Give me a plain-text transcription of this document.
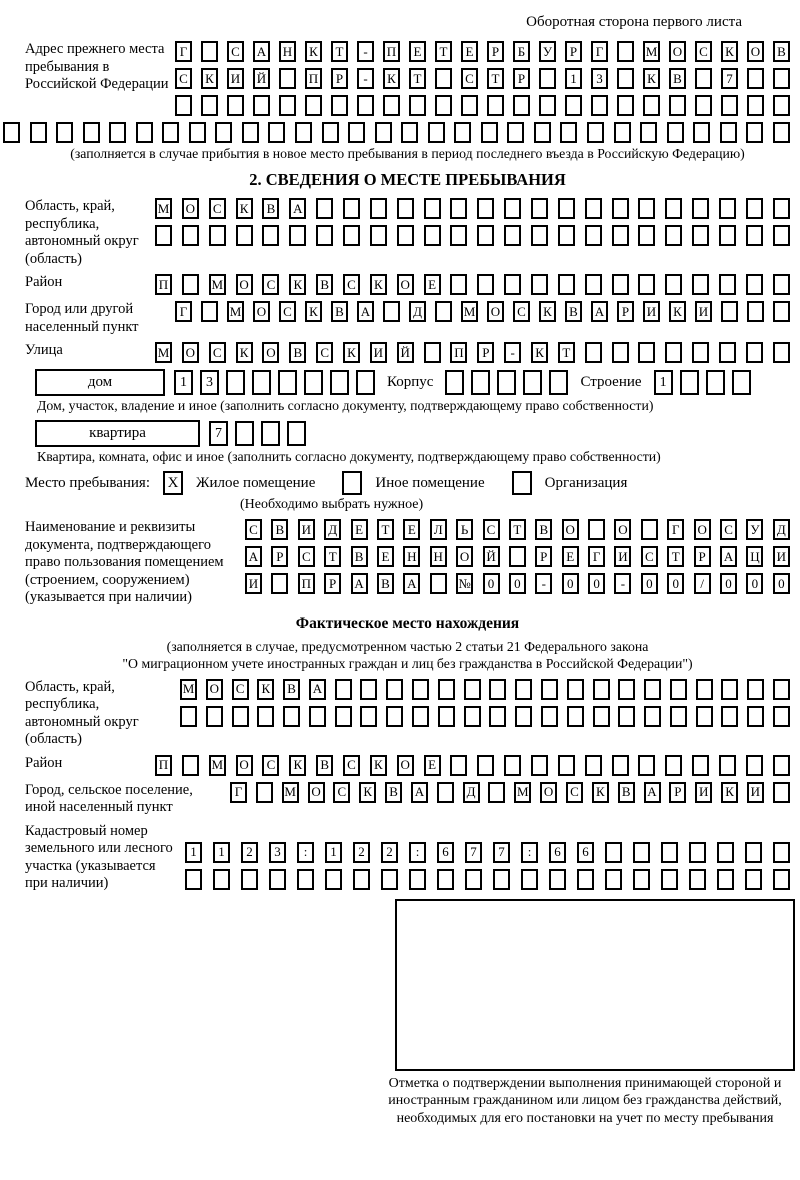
Оборотная сторона первого листа
Адрес прежнего места пребывания в Российской Федерации
Г	С	А Н	К	Т	-	П	Е	Т	Е	Р	Б	У	Р	Г	М О	С	К	О	В
С	К	И Й	П	Р	-	К	Т	С	Т	Р	1	3	К	В	7
(заполняется в случае прибытия в новое место пребывания в период последнего въезда в Российскую Федерацию)
2. СВЕДЕНИЯ О МЕСТЕ ПРЕБЫВАНИЯ
Область, край, республика, автономный округ (область)
М О	С	К	В	А
Район	П	М О	С	К	В	С	К	О	Е
Город или другой населенный пункт
Г	М О	С	К	В	А	Д	М О	С	К	В	А	Р	И	К	И
Улица	М О	С	К	О	В	С	К	И Й	П	Р	-	К	Т
дом	1	3	Корпус	Строение	1
Дом, участок, владение и иное (заполнить согласно документу, подтверждающему право собственности)
квартира	7
Квартира, комната, офис и иное (заполнить согласно документу, подтверждающему право собственности)
Место пребывания:	X	Жилое помещение	Иное помещение	Организация
(Необходимо выбрать нужное)
Наименование и реквизиты документа, подтверждающего право пользования помещением (строением, сооружением) (указывается при наличии)
С	В	И	Д	Е	Т	Е	Л	Ь	С	Т	В	О	О	Г	О	С	У	Д
А	Р	С	Т	В	Е	Н Н О Й	Р	Е	Г	И	С	Т	Р	А Ц И
И	П	Р	А	В	А	№	0	0	-	0	0	-	0	0	/	0	0	0
Фактическое место нахождения
(заполняется в случае, предусмотренном частью 2 статьи 21 Федерального закона
"О миграционном учете иностранных граждан и лиц без гражданства в Российской Федерации")
Область, край, республика, автономный округ (область)
М О	С	К	В	А
Район	П	М О	С	К	В	С	К	О	Е
Город, сельское поселение, иной населенный пункт
Г	М О	С	К	В	А	Д	М О	С	К	В	А	Р	И	К	И
Кадастровый номер земельного или лесного участка (указывается при наличии)
1	1	2	3	:	1	2	2	:	6	7	7	:	6	6
Отметка о подтверждении выполнения принимающей стороной и иностранным гражданином или лицом без гражданства действий, необходимых для его постановки на учет по месту пребывания
